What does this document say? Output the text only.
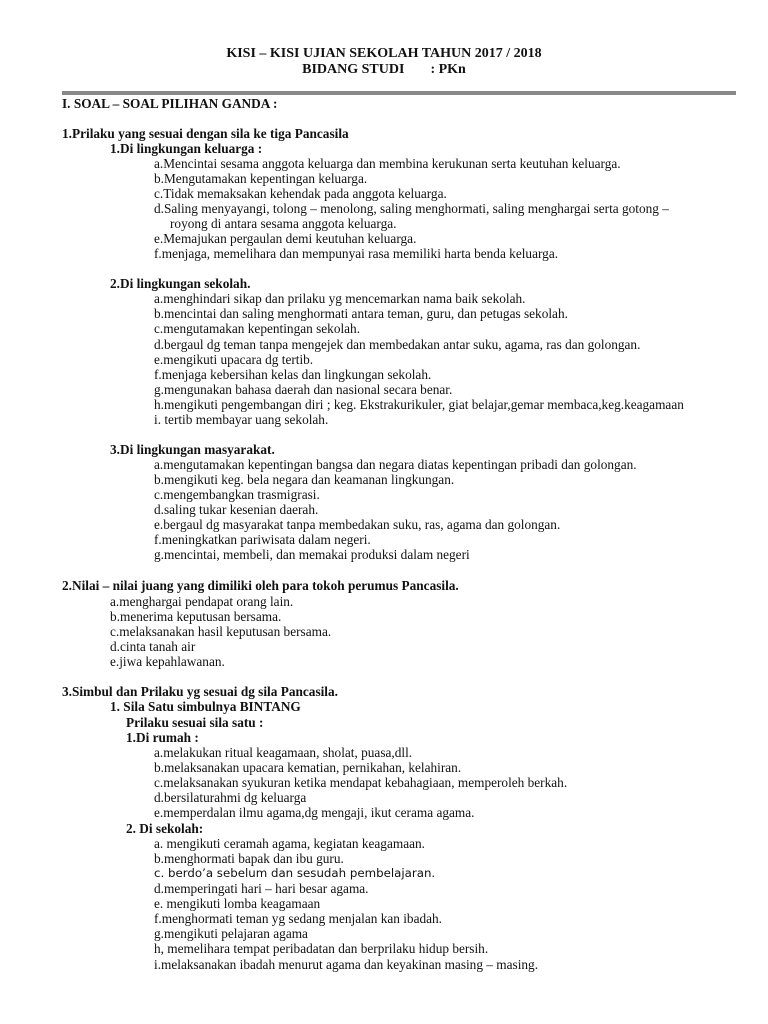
KISI – KISI UJIAN SEKOLAH TAHUN 2017 / 2018
BIDANG STUDI : PKn
I. SOAL – SOAL PILIHAN GANDA :
1.Prilaku yang sesuai dengan sila ke tiga Pancasila
1.Di lingkungan keluarga :
a.Mencintai sesama anggota keluarga dan membina kerukunan serta keutuhan keluarga.
b.Mengutamakan kepentingan keluarga.
c.Tidak memaksakan kehendak pada anggota keluarga.
d.Saling menyayangi, tolong – menolong, saling menghormati, saling menghargai serta gotong –
royong di antara sesama anggota keluarga.
e.Memajukan pergaulan demi keutuhan keluarga.
f.menjaga, memelihara dan mempunyai rasa memiliki harta benda keluarga.
2.Di lingkungan sekolah.
a.menghindari sikap dan prilaku yg mencemarkan nama baik sekolah.
b.mencintai dan saling menghormati antara teman, guru, dan petugas sekolah.
c.mengutamakan kepentingan sekolah.
d.bergaul dg teman tanpa mengejek dan membedakan antar suku, agama, ras dan golongan.
e.mengikuti upacara dg tertib.
f.menjaga kebersihan kelas dan lingkungan sekolah.
g.mengunakan bahasa daerah dan nasional secara benar.
h.mengikuti pengembangan diri ; keg. Ekstrakurikuler, giat belajar,gemar membaca,keg.keagamaan
i. tertib membayar uang sekolah.
3.Di lingkungan masyarakat.
a.mengutamakan kepentingan bangsa dan negara diatas kepentingan pribadi dan golongan.
b.mengikuti keg. bela negara dan keamanan lingkungan.
c.mengembangkan trasmigrasi.
d.saling tukar kesenian daerah.
e.bergaul dg masyarakat tanpa membedakan suku, ras, agama dan golongan.
f.meningkatkan pariwisata dalam negeri.
g.mencintai, membeli, dan memakai produksi dalam negeri
2.Nilai – nilai juang yang dimiliki oleh para tokoh perumus Pancasila.
a.menghargai pendapat orang lain.
b.menerima keputusan bersama.
c.melaksanakan hasil keputusan bersama.
d.cinta tanah air
e.jiwa kepahlawanan.
3.Simbul dan Prilaku yg sesuai dg sila Pancasila.
1. Sila Satu simbulnya BINTANG
Prilaku sesuai sila satu :
1.Di rumah :
a.melakukan ritual keagamaan, sholat, puasa,dll.
b.melaksanakan upacara kematian, pernikahan, kelahiran.
c.melaksanakan syukuran ketika mendapat kebahagiaan, memperoleh berkah.
d.bersilaturahmi dg keluarga
e.memperdalan ilmu agama,dg mengaji, ikut cerama agama.
2. Di sekolah:
a. mengikuti ceramah agama, kegiatan keagamaan.
b.menghormati bapak dan ibu guru.
c. berdo’a sebelum dan sesudah pembelajaran.
d.memperingati hari – hari besar agama.
e. mengikuti lomba keagamaan
f.menghormati teman yg sedang menjalan kan ibadah.
g.mengikuti pelajaran agama
h, memelihara tempat peribadatan dan berprilaku hidup bersih.
i.melaksanakan ibadah menurut agama dan keyakinan masing – masing.
